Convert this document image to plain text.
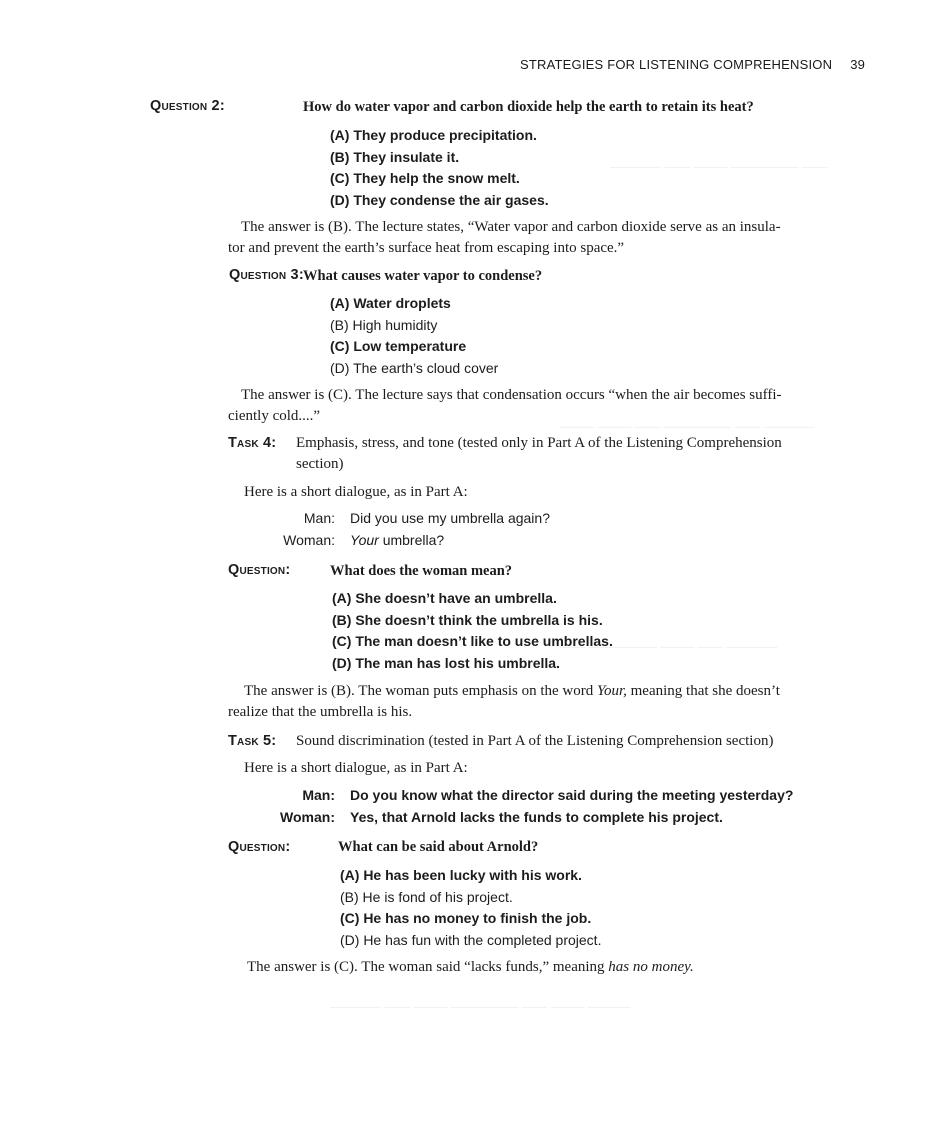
────── ─── ──── ──────── ───
──── ──── ─── ──────── ─── ──────
─── ──────── ──── ─── ──────
────── ─── ──── ──────── ─── ──── ─────
STRATEGIES FOR LISTENING COMPREHENSION 39
Question 2:	How do water vapor and carbon dioxide help the earth to retain its heat?
(A) They produce precipitation.
(B) They insulate it.
(C) They help the snow melt.
(D) They condense the air gases.
The answer is (B). The lecture states, “Water vapor and carbon dioxide serve as an insula-
tor and prevent the earth’s surface heat from escaping into space.”
Question 3: What causes water vapor to condense?
(A) Water droplets
(B) High humidity
(C) Low temperature
(D) The earth’s cloud cover
The answer is (C). The lecture says that condensation occurs “when the air becomes suffi-
ciently cold....”
Task 4: Emphasis, stress, and tone (tested only in Part A of the Listening Comprehension
section)
Here is a short dialogue, as in Part A:
Man: Did you use my umbrella again?
Woman: Your umbrella?
Question:	What does the woman mean?
(A) She doesn’t have an umbrella.
(B) She doesn’t think the umbrella is his.
(C) The man doesn’t like to use umbrellas.
(D) The man has lost his umbrella.
The answer is (B). The woman puts emphasis on the word Your, meaning that she doesn’t
realize that the umbrella is his.
Task 5: Sound discrimination (tested in Part A of the Listening Comprehension section)
Here is a short dialogue, as in Part A:
Man: Do you know what the director said during the meeting yesterday?
Woman: Yes, that Arnold lacks the funds to complete his project.
Question:	What can be said about Arnold?
(A) He has been lucky with his work.
(B) He is fond of his project.
(C) He has no money to finish the job.
(D) He has fun with the completed project.
The answer is (C). The woman said “lacks funds,” meaning has no money.
